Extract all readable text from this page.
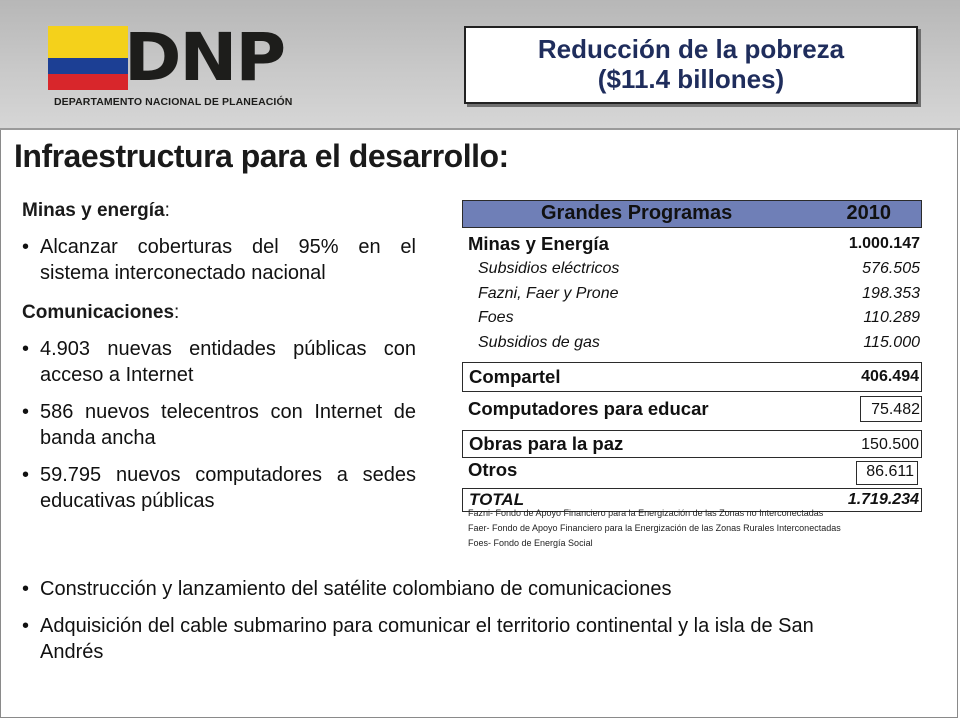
DNP
DEPARTAMENTO NACIONAL DE PLANEACIÓN
Reducción de la pobreza
($11.4 billones)
Infraestructura para el desarrollo:
Minas y energía:
• Alcanzar coberturas del 95% en el sistema interconectado nacional
Comunicaciones:
• 4.903 nuevas entidades públicas con acceso a Internet
• 586 nuevos telecentros con Internet de banda ancha
• 59.795 nuevos computadores a sedes educativas públicas
• Construcción y lanzamiento del satélite colombiano de comunicaciones
• Adquisición del cable submarino para comunicar el territorio continental y la isla de San Andrés
Grandes Programas	2010
Minas y Energía	1.000.147
Subsidios eléctricos	576.505
Fazni, Faer y Prone	198.353
Foes	110.289
Subsidios de gas	115.000
Compartel	406.494
Computadores para educar	75.482
Obras para la paz	150.500
Otros	86.611
TOTAL	1.719.234
Fazni- Fondo de Apoyo Financiero para la Energización de las Zonas no Interconectadas
Faer- Fondo de Apoyo Financiero para la Energización de las Zonas Rurales Interconectadas
Foes- Fondo de Energía Social
